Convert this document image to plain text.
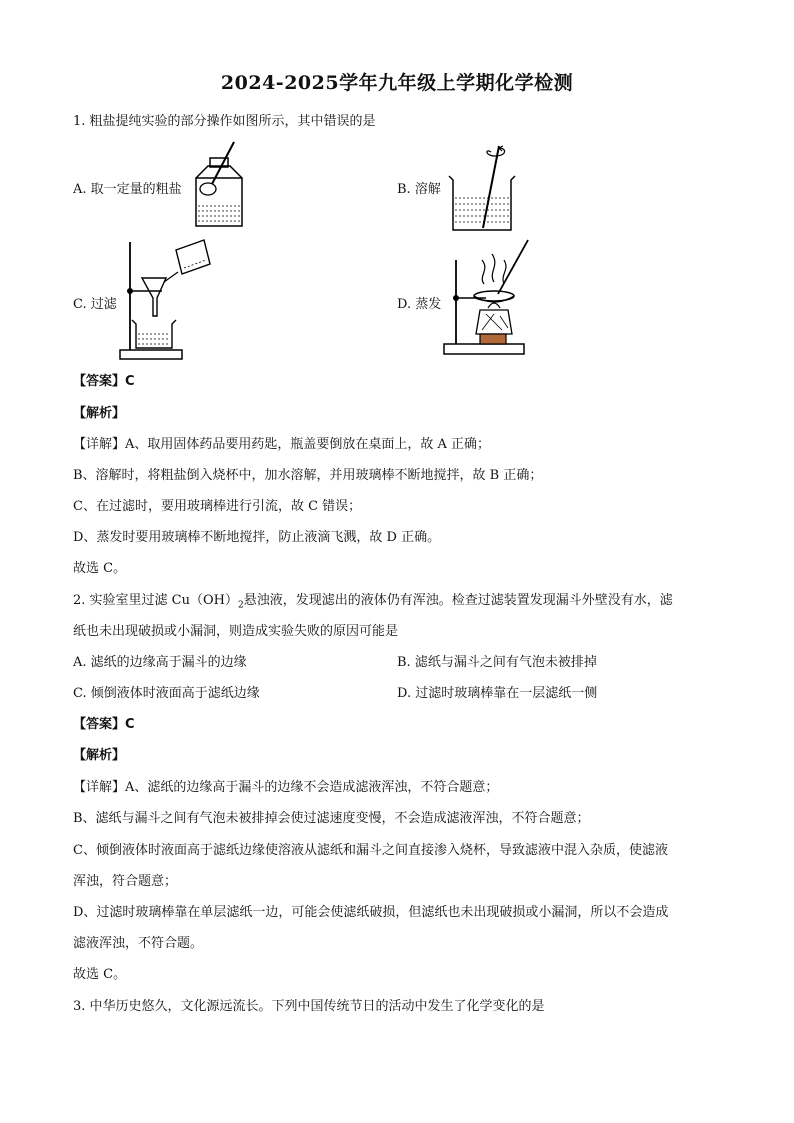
2024-2025学年九年级上学期化学检测
1. 粗盐提纯实验的部分操作如图所示，其中错误的是
A. 取一定量的粗盐	B. 溶解
C. 过滤	D. 蒸发
【答案】C
【解析】
【详解】A、取用固体药品要用药匙，瓶盖要倒放在桌面上，故 A 正确；
B、溶解时，将粗盐倒入烧杯中，加水溶解，并用玻璃棒不断地搅拌，故 B 正确；
C、在过滤时，要用玻璃棒进行引流，故 C 错误；
D、蒸发时要用玻璃棒不断地搅拌，防止液滴飞溅，故 D 正确。
故选 C。
2. 实验室里过滤 $Cu(OH)_2$悬浊液，发现滤出的液体仍有浑浊。检查过滤装置发现漏斗外壁没有水，滤
纸也未出现破损或小漏洞，则造成实验失败的原因可能是
A. 滤纸的边缘高于漏斗的边缘	B. 滤纸与漏斗之间有气泡未被排掉
C. 倾倒液体时液面高于滤纸边缘	D. 过滤时玻璃棒靠在一层滤纸一侧
【答案】C
【解析】
【详解】A、滤纸的边缘高于漏斗的边缘不会造成滤液浑浊，不符合题意；
B、滤纸与漏斗之间有气泡未被排掉会使过滤速度变慢，不会造成滤液浑浊，不符合题意；
C、倾倒液体时液面高于滤纸边缘使溶液从滤纸和漏斗之间直接渗入烧杯，导致滤液中混入杂质，使滤液
浑浊，符合题意；
D、过滤时玻璃棒靠在单层滤纸一边，可能会使滤纸破损，但滤纸也未出现破损或小漏洞，所以不会造成
滤液浑浊，不符合题。
故选 C。
3. 中华历史悠久，文化源远流长。下列中国传统节日的活动中发生了化学变化的是
